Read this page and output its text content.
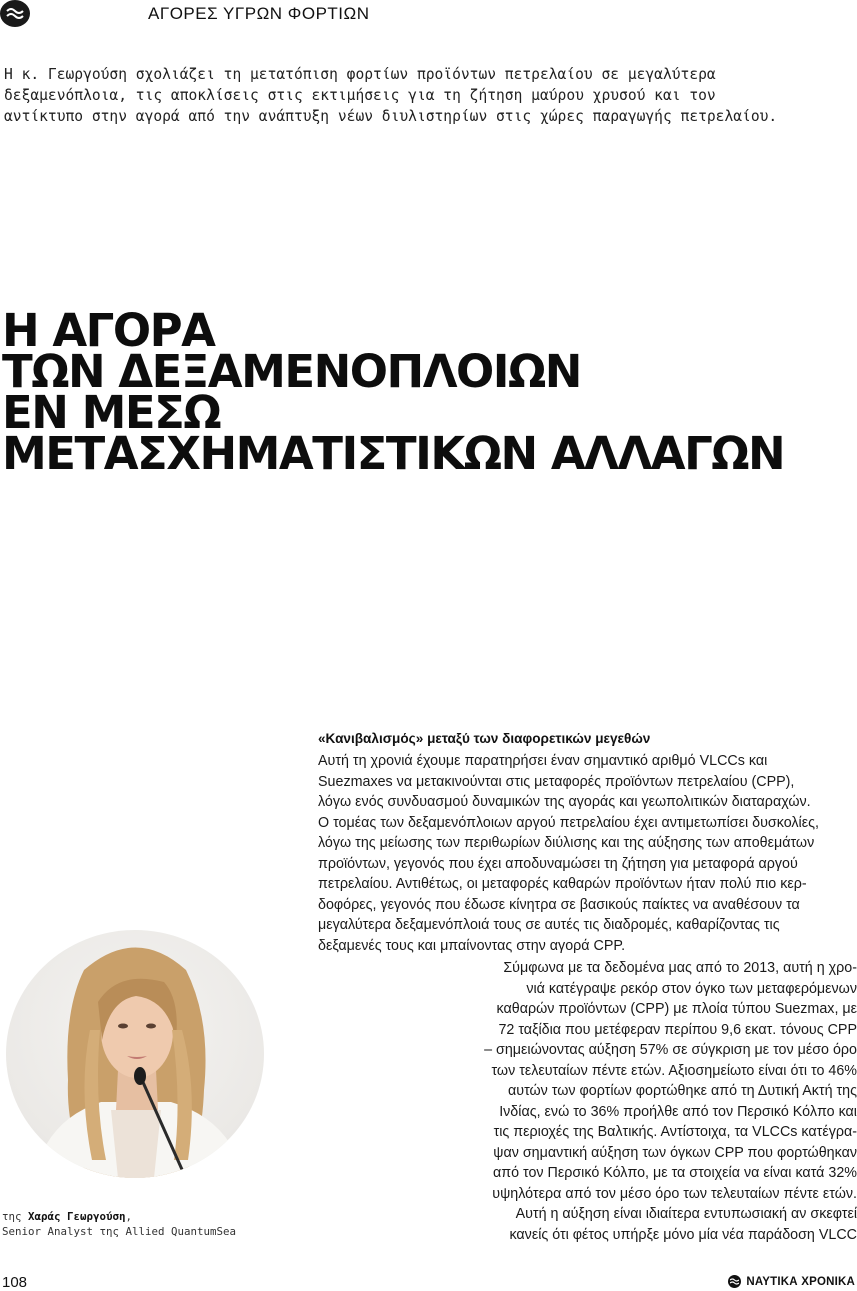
ΑΓΟΡΕΣ ΥΓΡΩΝ ΦΟΡΤΙΩΝ
Η κ. Γεωργούση σχολιάζει τη μετατόπιση φορτίων προϊόντων πετρελαίου σε μεγαλύτερα
δεξαμενόπλοια, τις αποκλίσεις στις εκτιμήσεις για τη ζήτηση μαύρου χρυσού και τον
αντίκτυπο στην αγορά από την ανάπτυξη νέων διυλιστηρίων στις χώρες παραγωγής πετρελαίου.
Η ΑΓΟΡΑ
ΤΩΝ ΔΕΞΑΜΕΝΟΠΛΟΙΩΝ
ΕΝ ΜΕΣΩ
ΜΕΤΑΣΧΗΜΑΤΙΣΤΙΚΩΝ ΑΛΛΑΓΩΝ
«Κανιβαλισμός» μεταξύ των διαφορετικών μεγεθών
Αυτή τη χρονιά έχουμε παρατηρήσει έναν σημαντικό αριθμό VLCCs και
Suezmaxes να μετακινούνται στις μεταφορές προϊόντων πετρελαίου (CPP),
λόγω ενός συνδυασμού δυναμικών της αγοράς και γεωπολιτικών διαταραχών.
Ο τομέας των δεξαμενόπλοιων αργού πετρελαίου έχει αντιμετωπίσει δυσκολίες,
λόγω της μείωσης των περιθωρίων διύλισης και της αύξησης των αποθεμάτων
προϊόντων, γεγονός που έχει αποδυναμώσει τη ζήτηση για μεταφορά αργού
πετρελαίου. Αντιθέτως, οι μεταφορές καθαρών προϊόντων ήταν πολύ πιο κερ-
δοφόρες, γεγονός που έδωσε κίνητρα σε βασικούς παίκτες να αναθέσουν τα
μεγαλύτερα δεξαμενόπλοιά τους σε αυτές τις διαδρομές, καθαρίζοντας τις
δεξαμενές τους και μπαίνοντας στην αγορά CPP.
Σύμφωνα με τα δεδομένα μας από το 2013, αυτή η χρο-
νιά κατέγραψε ρεκόρ στον όγκο των μεταφερόμενων
καθαρών προϊόντων (CPP) με πλοία τύπου Suezmax, με
72 ταξίδια που μετέφεραν περίπου 9,6 εκατ. τόνους CPP
– σημειώνοντας αύξηση 57% σε σύγκριση με τον μέσο όρο
των τελευταίων πέντε ετών. Αξιοσημείωτο είναι ότι το 46%
αυτών των φορτίων φορτώθηκε από τη Δυτική Ακτή της
Ινδίας, ενώ το 36% προήλθε από τον Περσικό Κόλπο και
τις περιοχές της Βαλτικής. Αντίστοιχα, τα VLCCs κατέγρα-
ψαν σημαντική αύξηση των όγκων CPP που φορτώθηκαν
από τον Περσικό Κόλπο, με τα στοιχεία να είναι κατά 32%
υψηλότερα από τον μέσο όρο των τελευταίων πέντε ετών.
Αυτή η αύξηση είναι ιδιαίτερα εντυπωσιακή αν σκεφτεί
κανείς ότι φέτος υπήρξε μόνο μία νέα παράδοση VLCC
της Χαράς Γεωργούση,
Senior Analyst της Allied QuantumSea
108	ΝΑΥΤΙΚΑ ΧΡΟΝΙΚΑ
